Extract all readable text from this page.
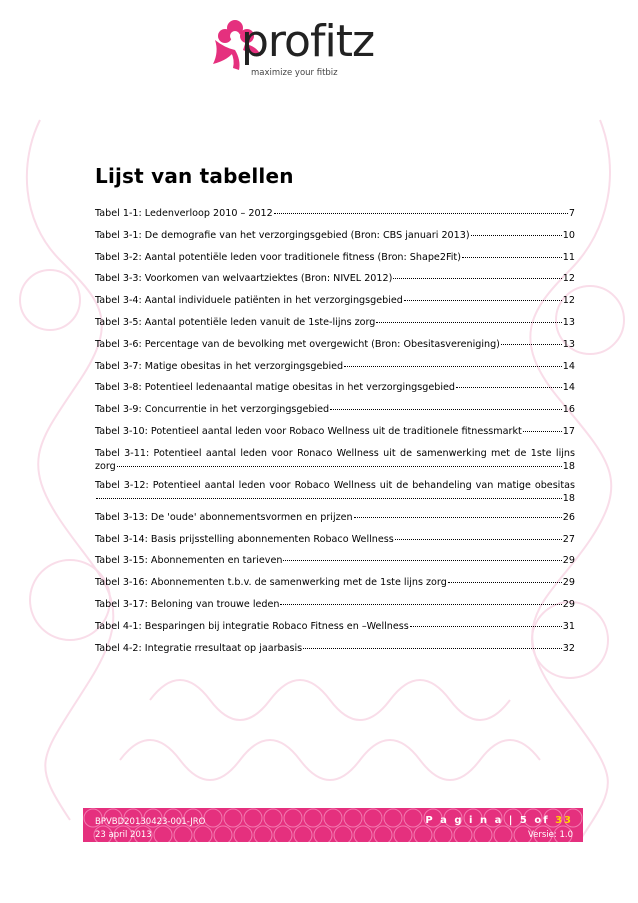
profitz
maximize your fitbiz
Lijst van tabellen
Tabel 1-1: Ledenverloop 2010 – 2012	7
Tabel 3-1: De demografie van het verzorgingsgebied (Bron: CBS januari 2013)	10
Tabel 3-2: Aantal potentiële leden voor traditionele fitness (Bron: Shape2Fit)	11
Tabel 3-3: Voorkomen van welvaartziektes (Bron: NIVEL 2012)	12
Tabel 3-4: Aantal individuele patiënten in het verzorgingsgebied	12
Tabel 3-5: Aantal potentiële leden vanuit de 1ste-lijns zorg	13
Tabel 3-6: Percentage van de bevolking met overgewicht (Bron: Obesitasvereniging)	13
Tabel 3-7: Matige obesitas in het verzorgingsgebied	14
Tabel 3-8: Potentieel ledenaantal matige obesitas in het verzorgingsgebied	14
Tabel 3-9: Concurrentie in het verzorgingsgebied	16
Tabel 3-10: Potentieel aantal leden voor Robaco Wellness uit de traditionele fitnessmarkt	17
Tabel 3-11: Potentieel aantal leden voor Ronaco Wellness uit de samenwerking met de 1ste lijns
zorg	18
Tabel 3-12: Potentieel aantal leden voor Robaco Wellness uit de behandeling van matige obesitas
18
Tabel 3-13: De 'oude' abonnementsvormen en prijzen	26
Tabel 3-14: Basis prijsstelling abonnementen Robaco Wellness	27
Tabel 3-15: Abonnementen en tarieven	29
Tabel 3-16: Abonnementen t.b.v. de samenwerking met de 1ste lijns zorg	29
Tabel 3-17: Beloning van trouwe leden	29
Tabel 4-1: Besparingen bij integratie Robaco Fitness en –Wellness	31
Tabel 4-2: Integratie rresultaat op jaarbasis	32
BPVBD20130423-001-JRO
23 april 2013
P a g i n a | 5 of 33
Versie: 1.0
